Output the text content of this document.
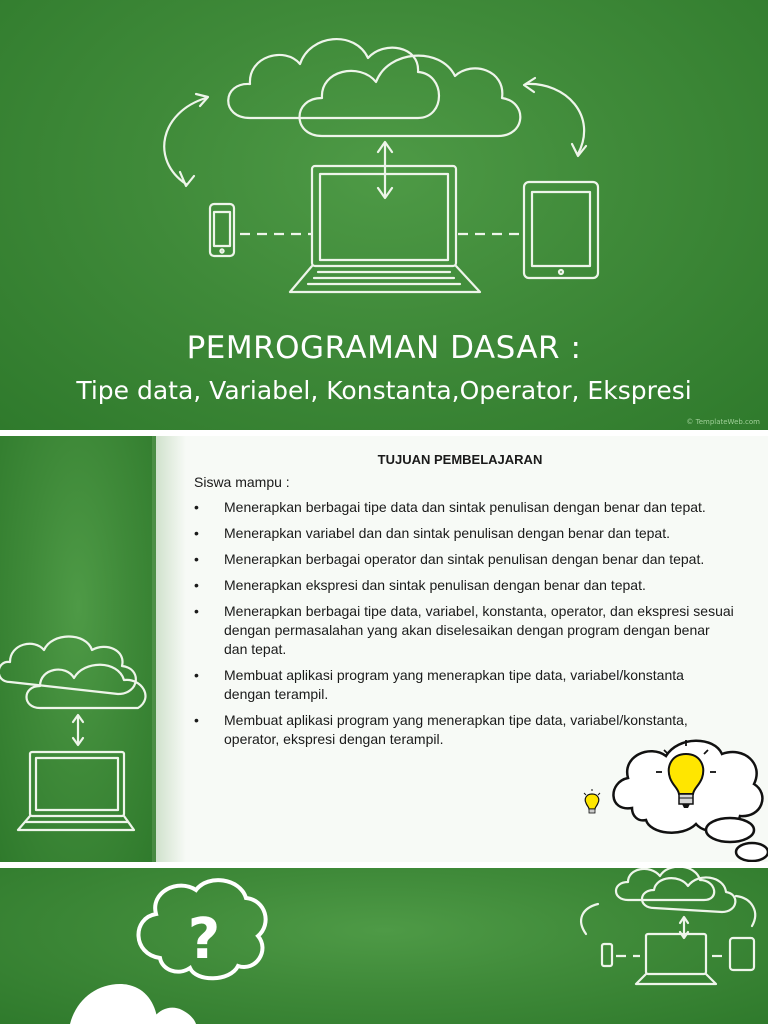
PEMROGRAMAN DASAR :
Tipe data, Variabel, Konstanta,Operator, Ekspresi
© TemplateWeb.com
TUJUAN PEMBELAJARAN
Siswa mampu :
• Menerapkan berbagai tipe data dan sintak penulisan dengan benar dan tepat.
• Menerapkan variabel dan dan sintak penulisan dengan benar dan tepat.
• Menerapkan berbagai operator dan sintak penulisan dengan benar dan tepat.
• Menerapkan ekspresi dan sintak penulisan dengan benar dan tepat.
• Menerapkan berbagai tipe data, variabel, konstanta, operator, dan ekspresi sesuai dengan permasalahan yang akan diselesaikan dengan program dengan benar dan tepat.
• Membuat aplikasi program yang menerapkan tipe data, variabel/konstanta dengan terampil.
• Membuat aplikasi program yang menerapkan tipe data, variabel/konstanta, operator, ekspresi dengan terampil.
?
